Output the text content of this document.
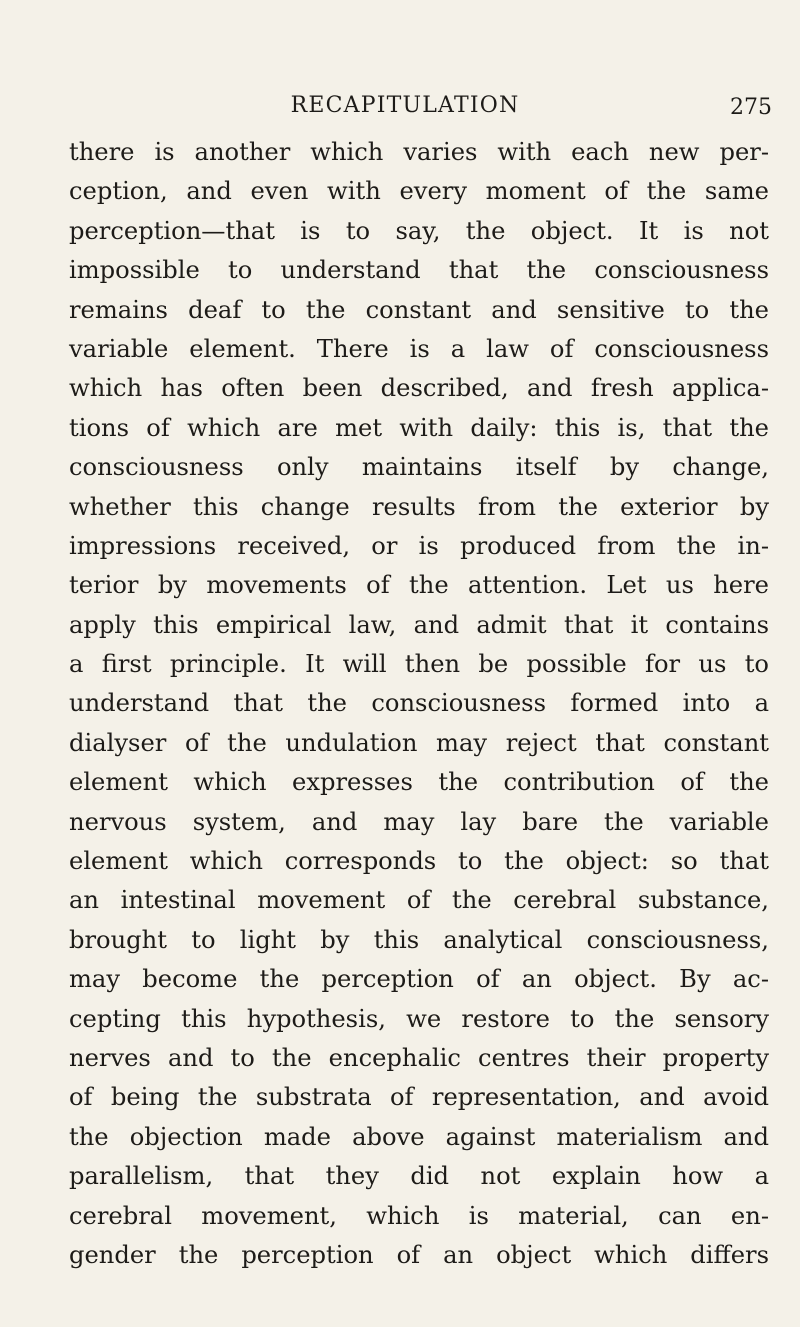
RECAPITULATION	275
there is another which varies with each new per-
ception, and even with every moment of the same
perception—that is to say, the object. It is not
impossible to understand that the consciousness
remains deaf to the constant and sensitive to the
variable element. There is a law of consciousness
which has often been described, and fresh applica-
tions of which are met with daily: this is, that the
consciousness only maintains itself by change,
whether this change results from the exterior by
impressions received, or is produced from the in-
terior by movements of the attention. Let us here
apply this empirical law, and admit that it contains
a first principle. It will then be possible for us to
understand that the consciousness formed into a
dialyser of the undulation may reject that constant
element which expresses the contribution of the
nervous system, and may lay bare the variable
element which corresponds to the object: so that
an intestinal movement of the cerebral substance,
brought to light by this analytical consciousness,
may become the perception of an object. By ac-
cepting this hypothesis, we restore to the sensory
nerves and to the encephalic centres their property
of being the substrata of representation, and avoid
the objection made above against materialism and
parallelism, that they did not explain how a
cerebral movement, which is material, can en-
gender the perception of an object which differs
